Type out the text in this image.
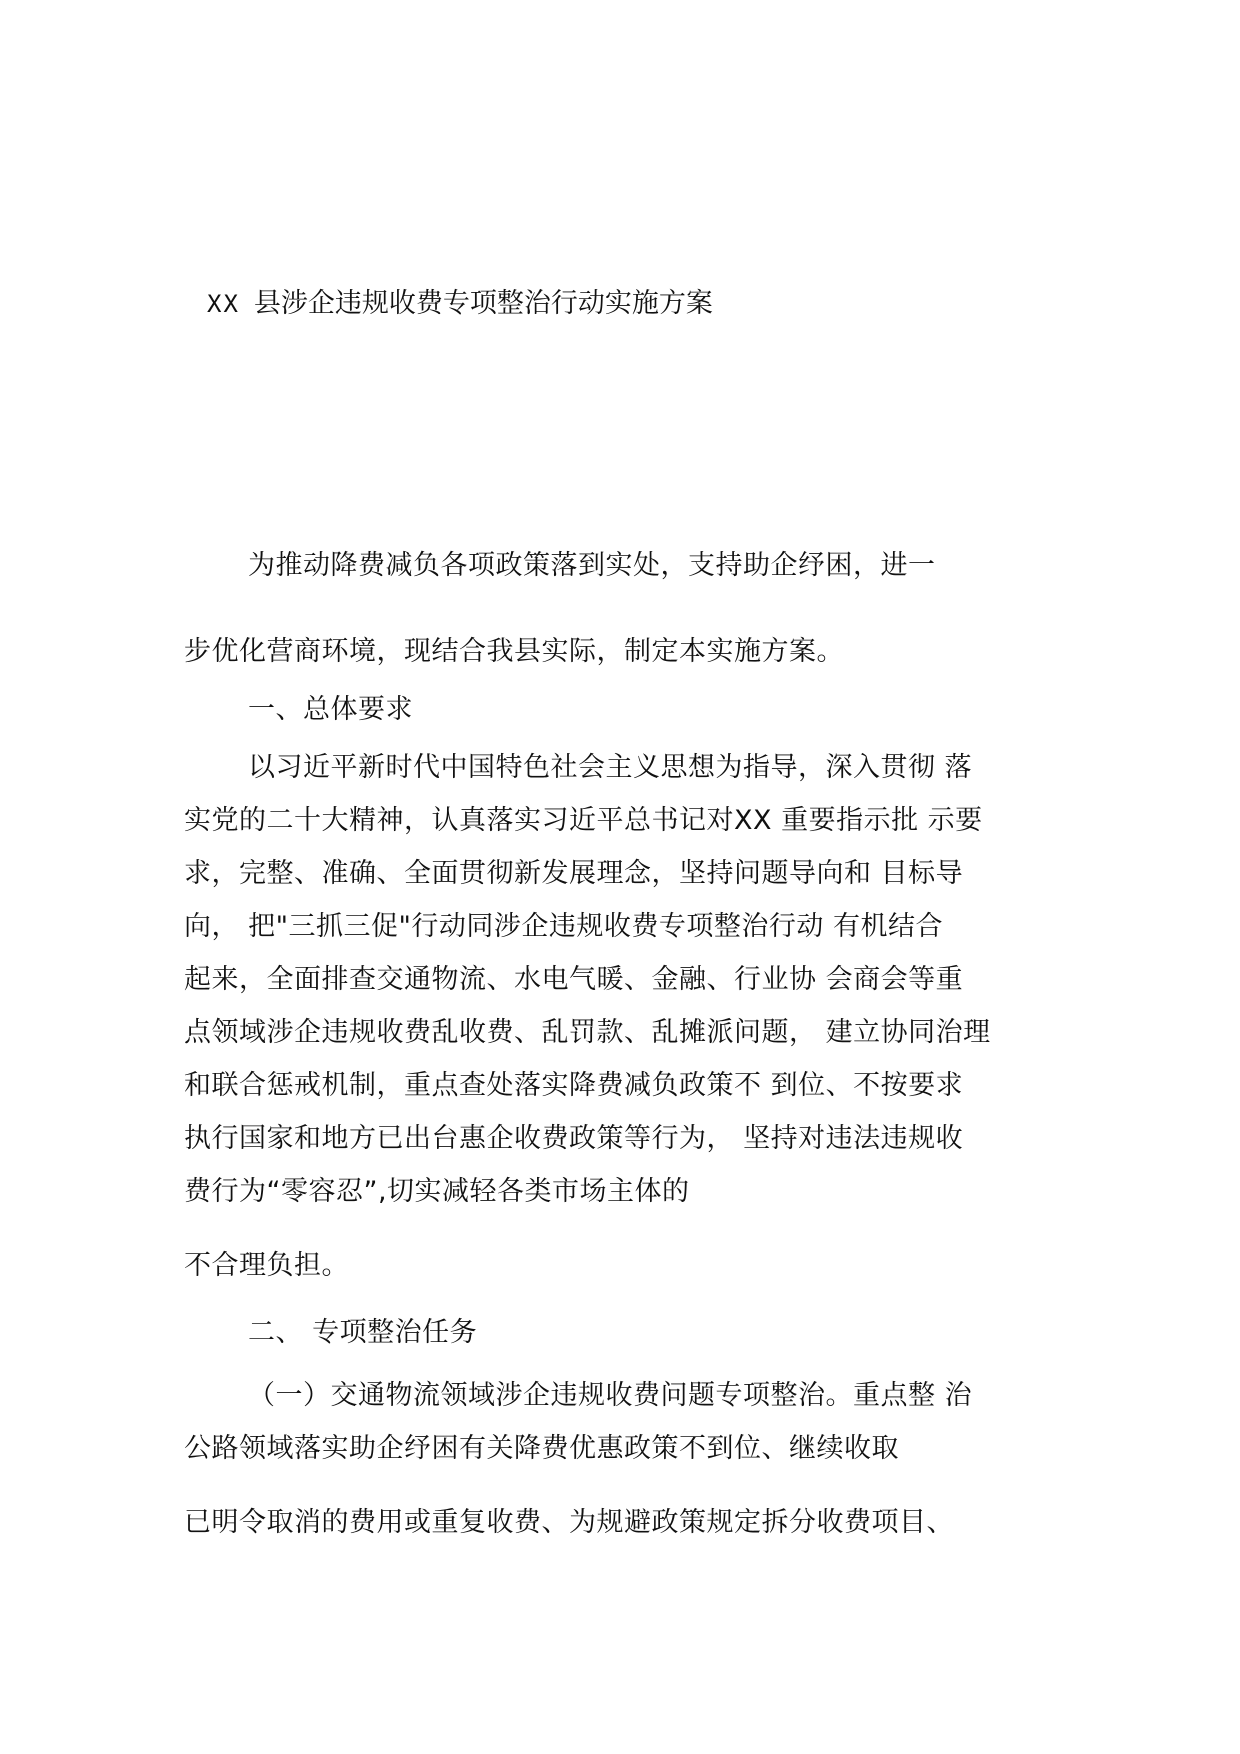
XX 县涉企违规收费专项整治行动实施方案
为推动降费减负各项政策落到实处，支持助企纾困，进一
步优化营商环境，现结合我县实际，制定本实施方案。
一、总体要求
以习近平新时代中国特色社会主义思想为指导，深入贯彻 落
实党的二十大精神，认真落实习近平总书记对XX 重要指示批 示要
求，完整、准确、全面贯彻新发展理念，坚持问题导向和 目标导
向， 把"三抓三促"行动同涉企违规收费专项整治行动 有机结合
起来，全面排查交通物流、水电气暖、金融、行业协 会商会等重
点领域涉企违规收费乱收费、乱罚款、乱摊派问题， 建立协同治理
和联合惩戒机制，重点查处落实降费减负政策不 到位、不按要求
执行国家和地方已出台惠企收费政策等行为， 坚持对违法违规收
费行为“零容忍”,切实减轻各类市场主体的
不合理负担。
二、 专项整治任务
（一）交通物流领域涉企违规收费问题专项整治。重点整 治
公路领域落实助企纾困有关降费优惠政策不到位、继续收取
已明令取消的费用或重复收费、为规避政策规定拆分收费项目、
